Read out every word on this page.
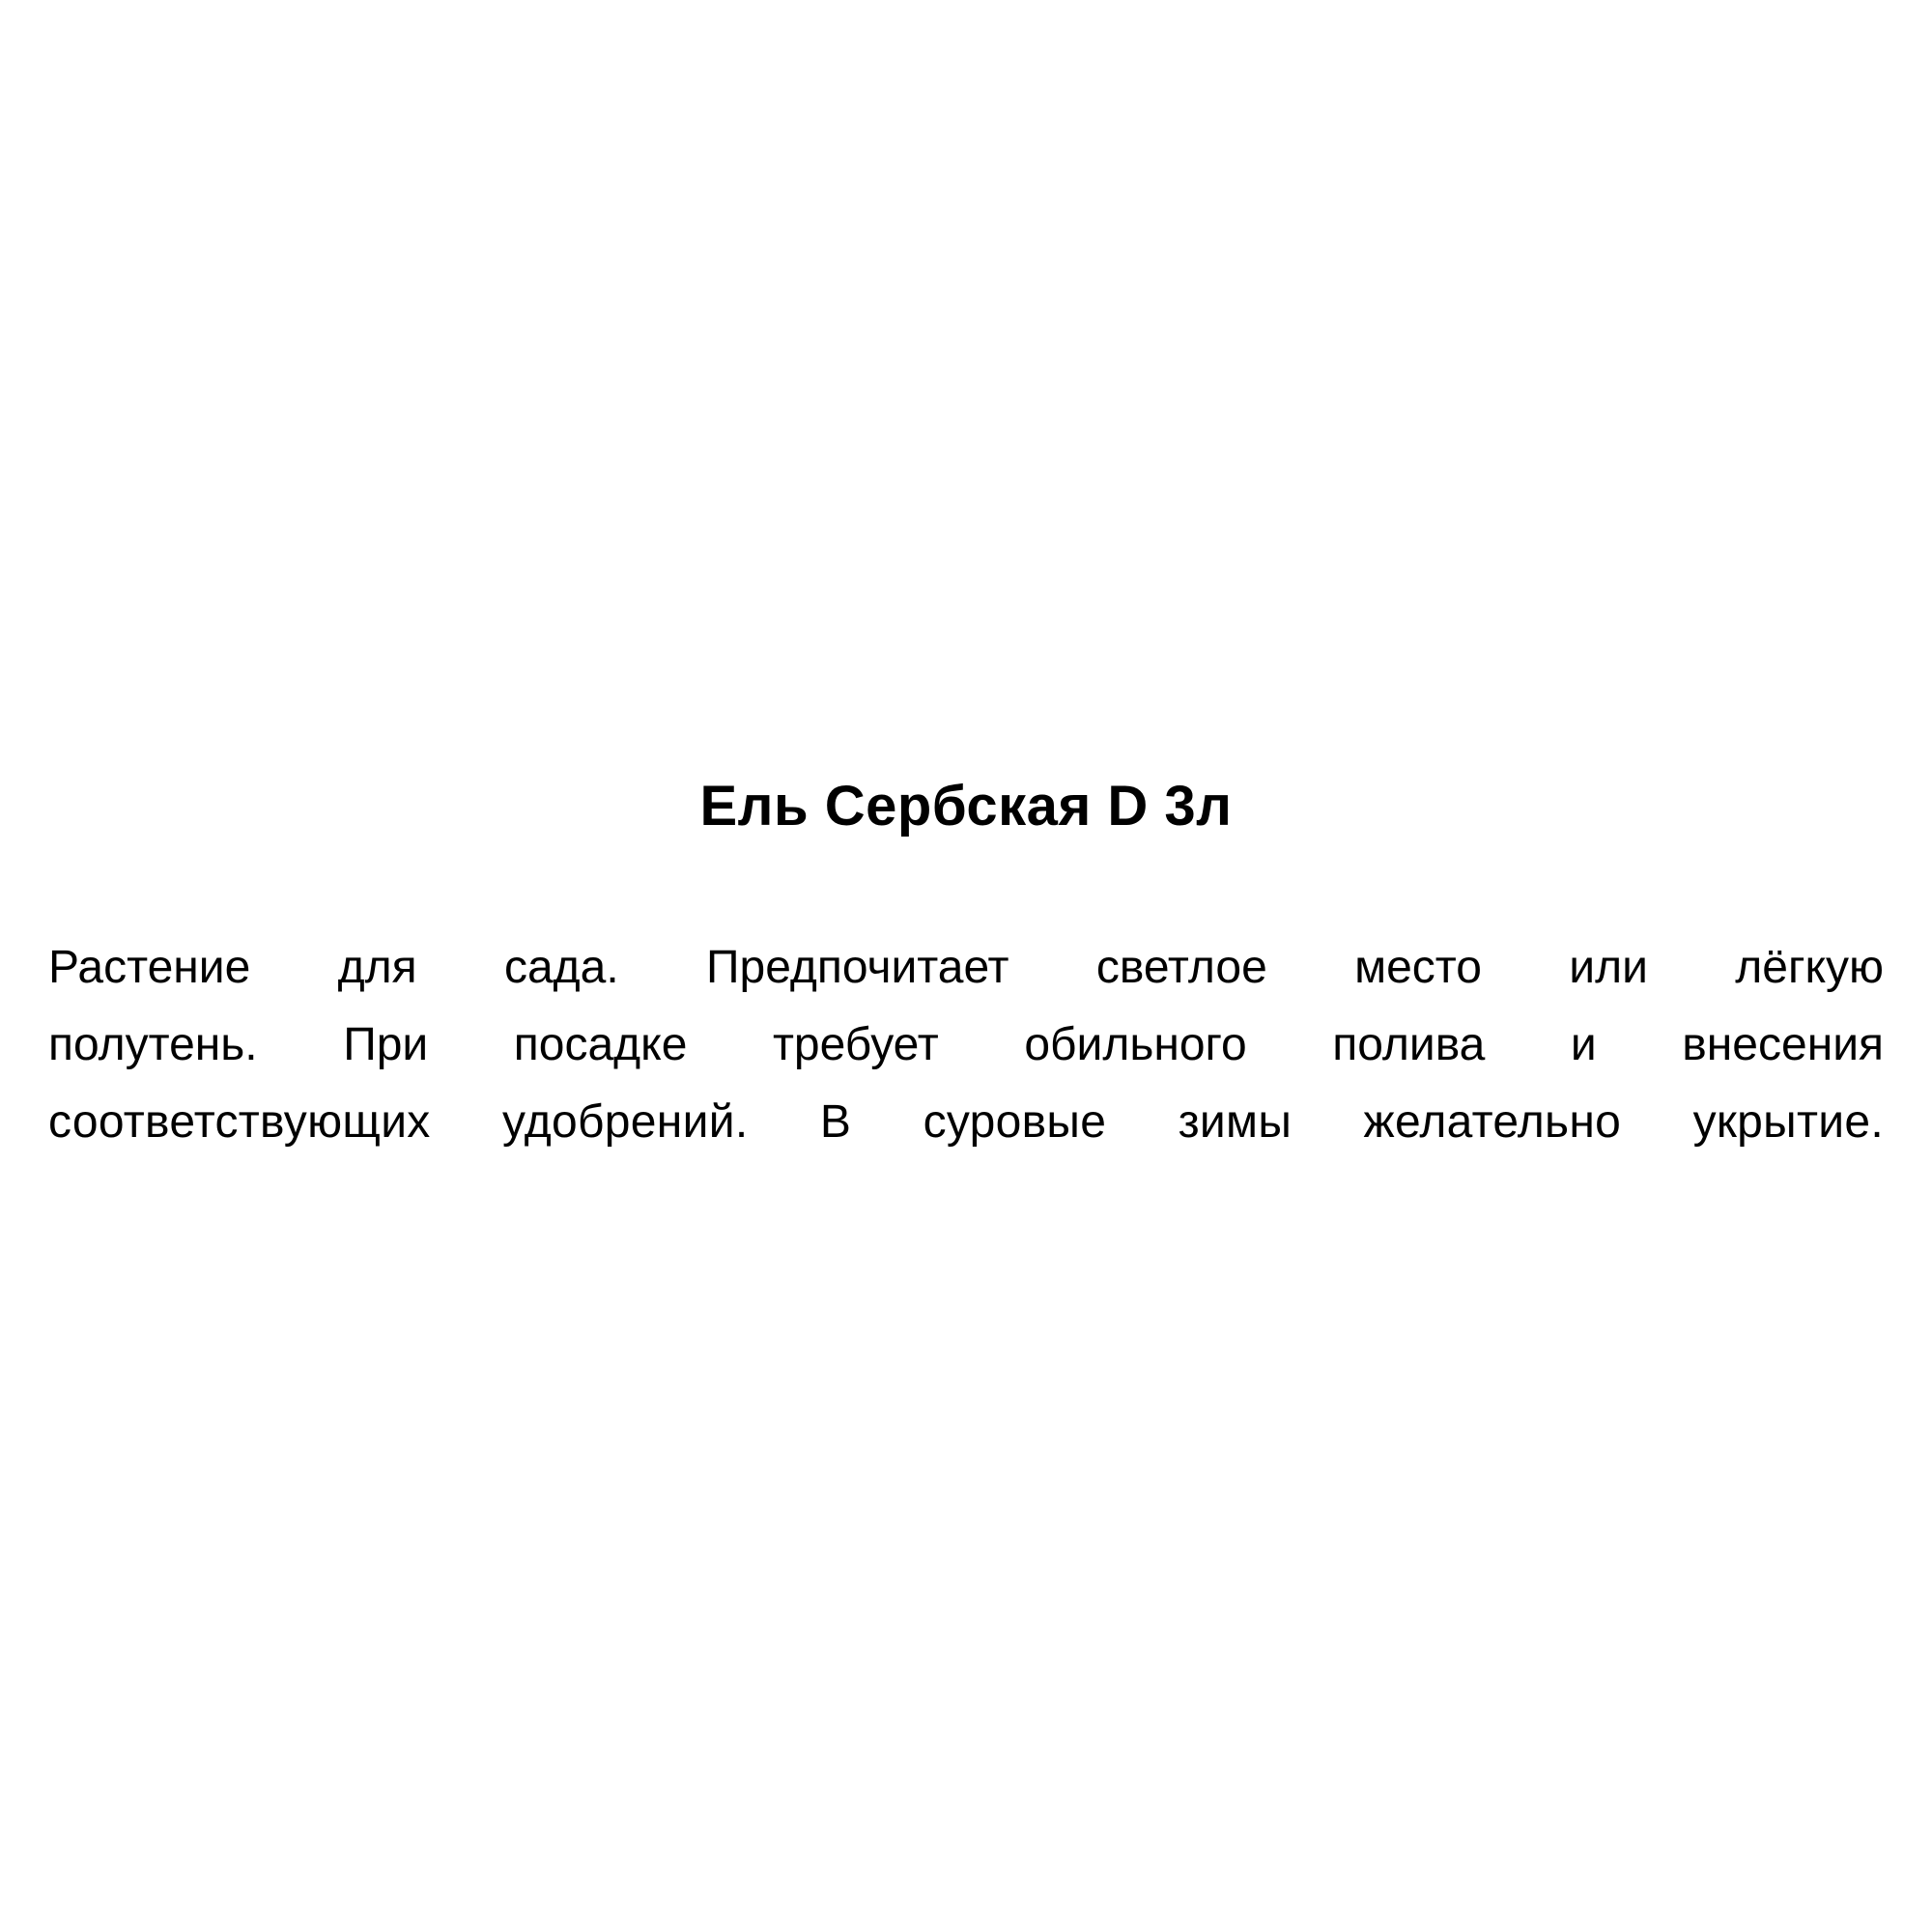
Ель Сербская D 3л
Растение для сада. Предпочитает светлое место или лёгкую
полутень. При посадке требует обильного полива и внесения
соответствующих удобрений. В суровые зимы желательно укрытие.
